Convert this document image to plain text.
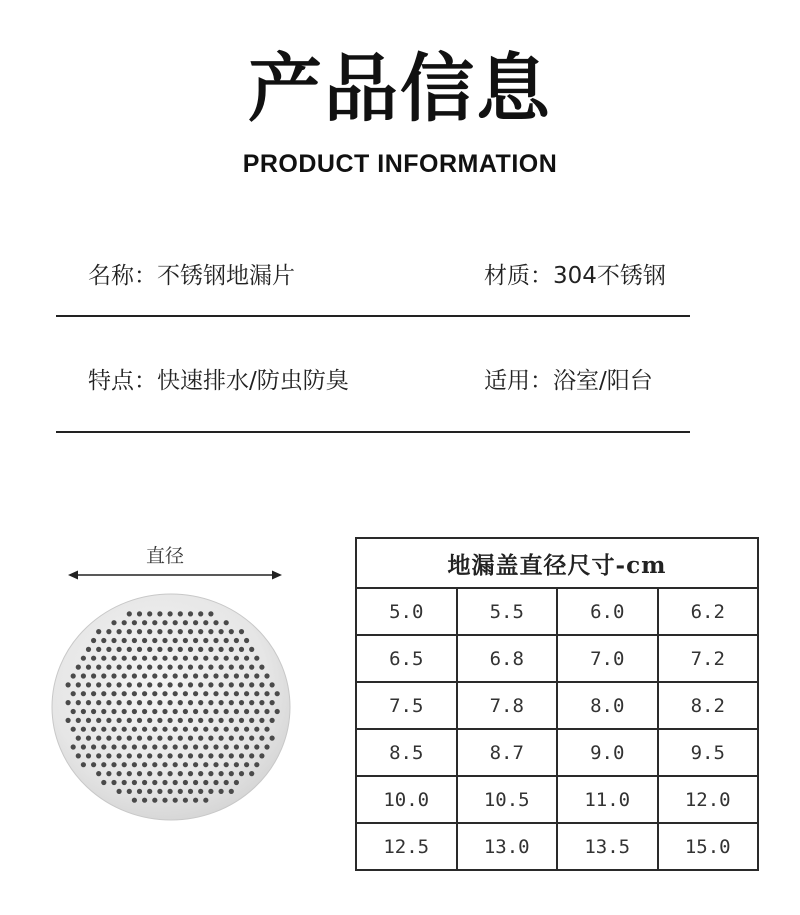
产品信息
PRODUCT INFORMATION
名称：不锈钢地漏片	材质：304不锈钢
特点：快速排水/防虫防臭	适用：浴室/阳台
直径	地漏盖直径尺寸-cm			
5.0	5.5	6.0	6.2
6.5	6.8	7.0	7.2
7.5	7.8	8.0	8.2
8.5	8.7	9.0	9.5
10.0	10.5	11.0	12.0
12.5	13.0	13.5	15.0
